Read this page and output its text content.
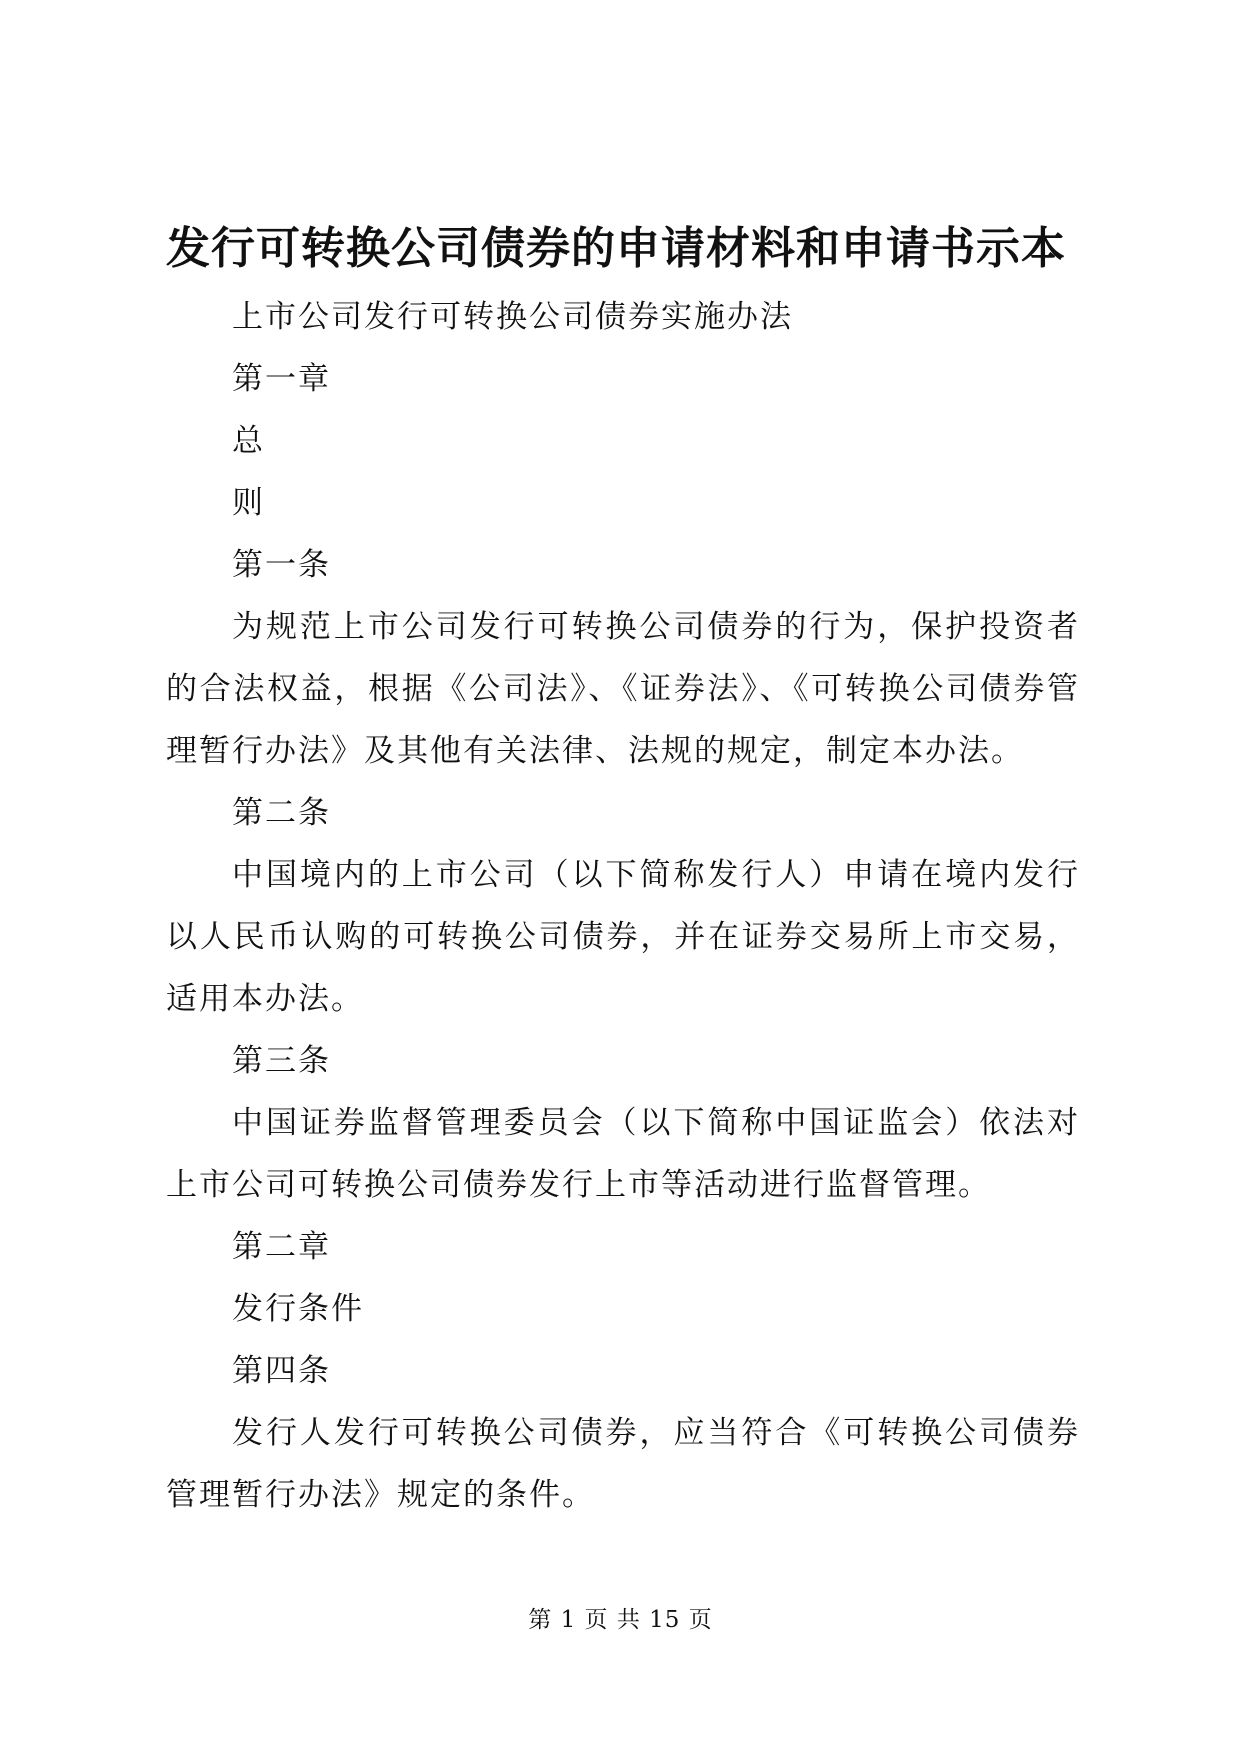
发行可转换公司债券的申请材料和申请书示本

上市公司发行可转换公司债券实施办法

第一章

总

则

第一条

为规范上市公司发行可转换公司债券的行为，保护投资者的合法权益，根据《公司法》、《证券法》、《可转换公司债券管理暂行办法》及其他有关法律、法规的规定，制定本办法。

第二条

中国境内的上市公司（以下简称发行人）申请在境内发行以人民币认购的可转换公司债券，并在证券交易所上市交易，适用本办法。

第三条

中国证券监督管理委员会（以下简称中国证监会）依法对上市公司可转换公司债券发行上市等活动进行监督管理。

第二章

发行条件

第四条

发行人发行可转换公司债券，应当符合《可转换公司债券管理暂行办法》规定的条件。

第 1 页 共 15 页
